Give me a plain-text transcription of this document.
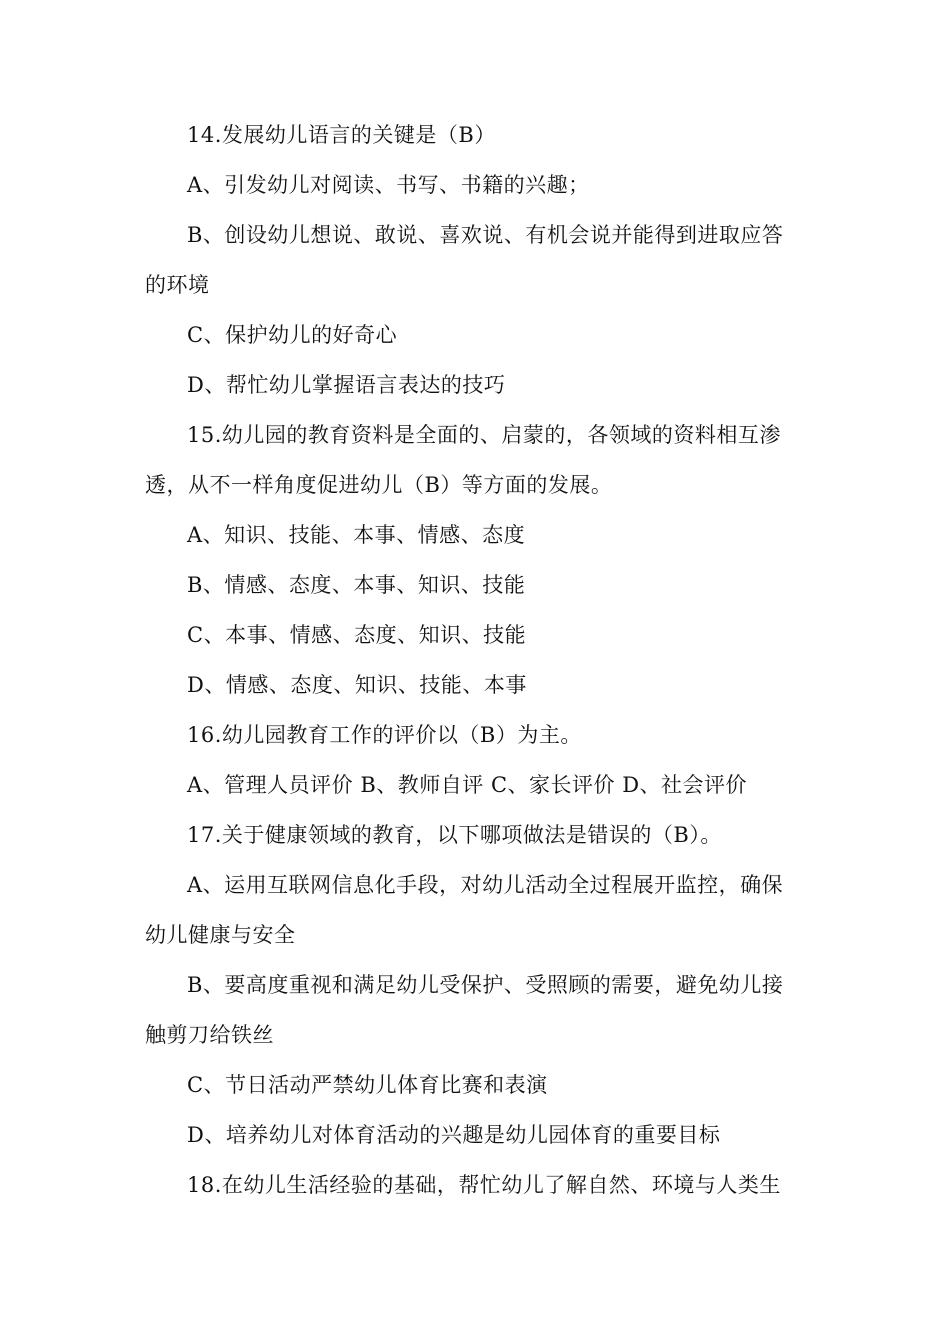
14.发展幼儿语言的关键是（B）
A、引发幼儿对阅读、书写、书籍的兴趣；
B、创设幼儿想说、敢说、喜欢说、有机会说并能得到进取应答
的环境
C、保护幼儿的好奇心
D、帮忙幼儿掌握语言表达的技巧
15.幼儿园的教育资料是全面的、启蒙的，各领域的资料相互渗
透，从不一样角度促进幼儿（B）等方面的发展。
A、知识、技能、本事、情感、态度
B、情感、态度、本事、知识、技能
C、本事、情感、态度、知识、技能
D、情感、态度、知识、技能、本事
16.幼儿园教育工作的评价以（B）为主。
A、管理人员评价 B、教师自评 C、家长评价 D、社会评价
17.关于健康领域的教育，以下哪项做法是错误的（B）。
A、运用互联网信息化手段，对幼儿活动全过程展开监控，确保
幼儿健康与安全
B、要高度重视和满足幼儿受保护、受照顾的需要，避免幼儿接
触剪刀给铁丝
C、节日活动严禁幼儿体育比赛和表演
D、培养幼儿对体育活动的兴趣是幼儿园体育的重要目标
18.在幼儿生活经验的基础，帮忙幼儿了解自然、环境与人类生
